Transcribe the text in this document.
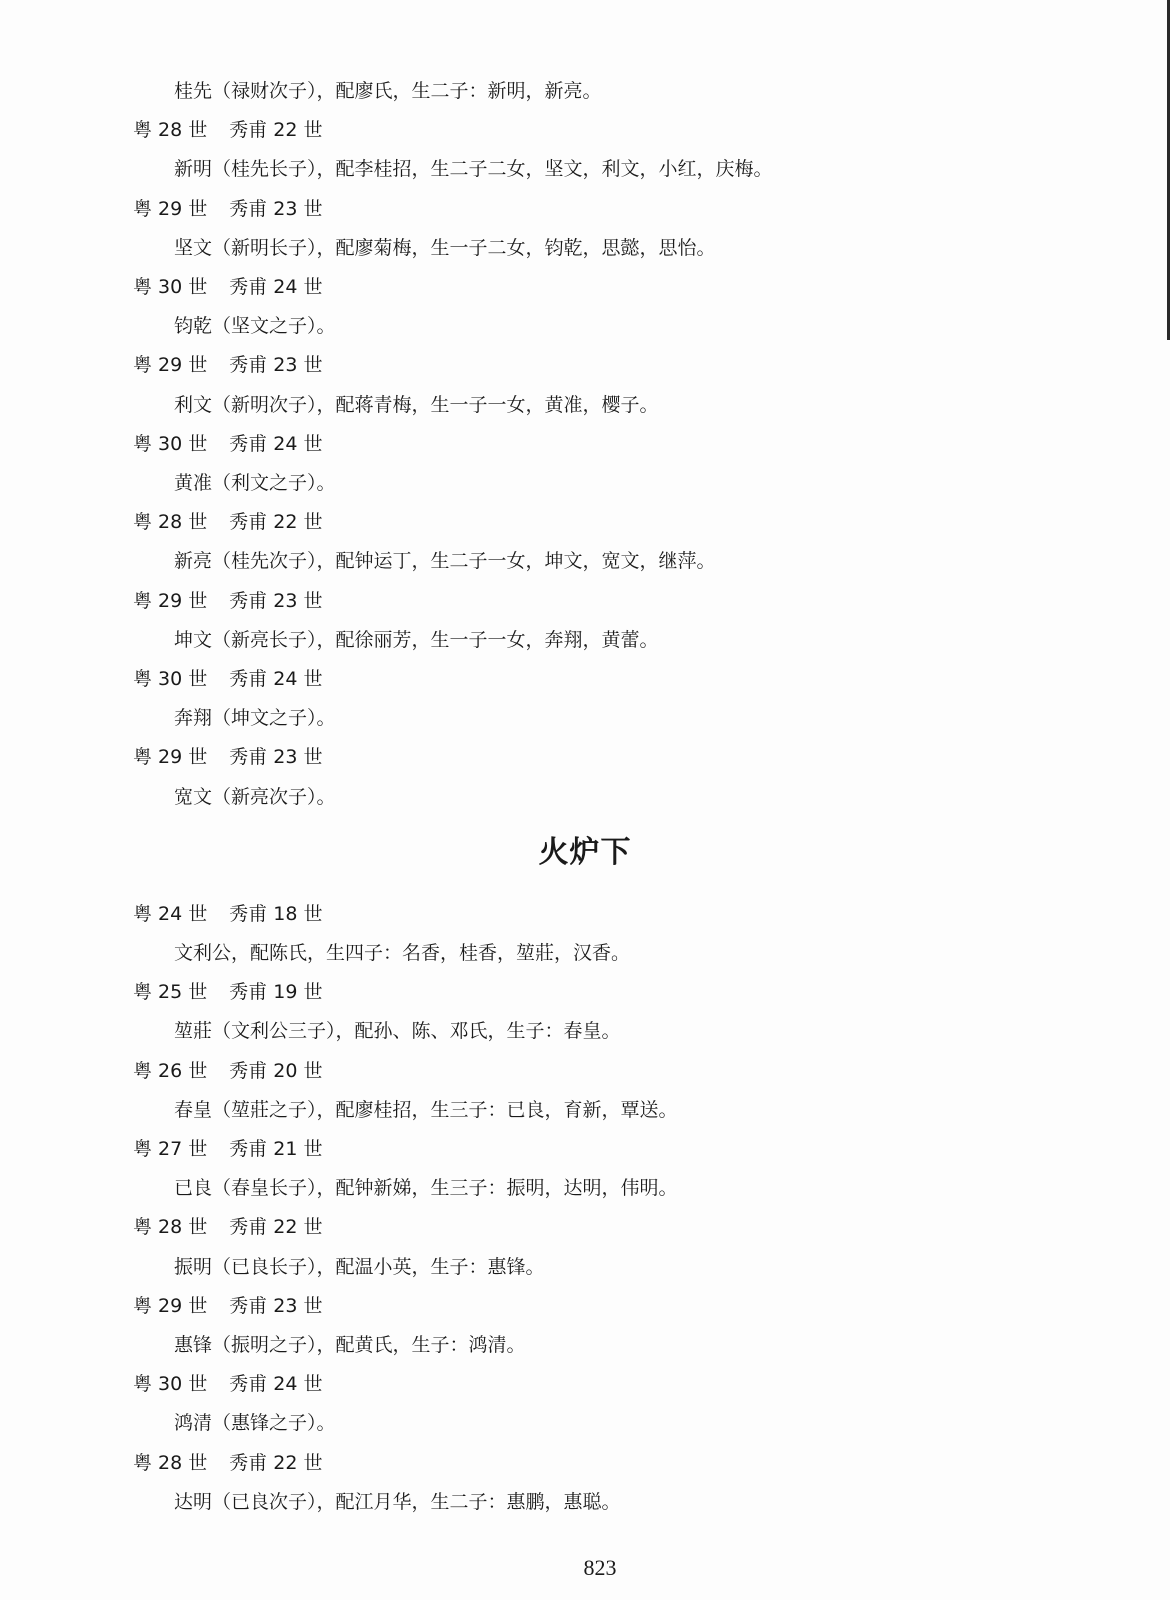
桂先（禄财次子），配廖氏，生二子：新明，新亮。
粤 28 世 秀甫 22 世
新明（桂先长子），配李桂招，生二子二女，坚文，利文，小红，庆梅。
粤 29 世 秀甫 23 世
坚文（新明长子），配廖菊梅，生一子二女，钧乾，思懿，思怡。
粤 30 世 秀甫 24 世
钧乾（坚文之子）。
粤 29 世 秀甫 23 世
利文（新明次子），配蒋青梅，生一子一女，黄准，樱子。
粤 30 世 秀甫 24 世
黄准（利文之子）。
粤 28 世 秀甫 22 世
新亮（桂先次子），配钟运丁，生二子一女，坤文，宽文，继萍。
粤 29 世 秀甫 23 世
坤文（新亮长子），配徐丽芳，生一子一女，奔翔，黄蕾。
粤 30 世 秀甫 24 世
奔翔（坤文之子）。
粤 29 世 秀甫 23 世
宽文（新亮次子）。
粤 24 世 秀甫 18 世
文利公，配陈氏，生四子：名香，桂香，堃莊，汉香。
粤 25 世 秀甫 19 世
堃莊（文利公三子），配孙、陈、邓氏，生子：春皇。
粤 26 世 秀甫 20 世
春皇（堃莊之子），配廖桂招，生三子：已良，育新，覃送。
粤 27 世 秀甫 21 世
已良（春皇长子），配钟新娣，生三子：振明，达明，伟明。
粤 28 世 秀甫 22 世
振明（已良长子），配温小英，生子：惠锋。
粤 29 世 秀甫 23 世
惠锋（振明之子），配黄氏，生子：鸿清。
粤 30 世 秀甫 24 世
鸿清（惠锋之子）。
粤 28 世 秀甫 22 世
达明（已良次子），配江月华，生二子：惠鹏，惠聪。
火炉下
823
